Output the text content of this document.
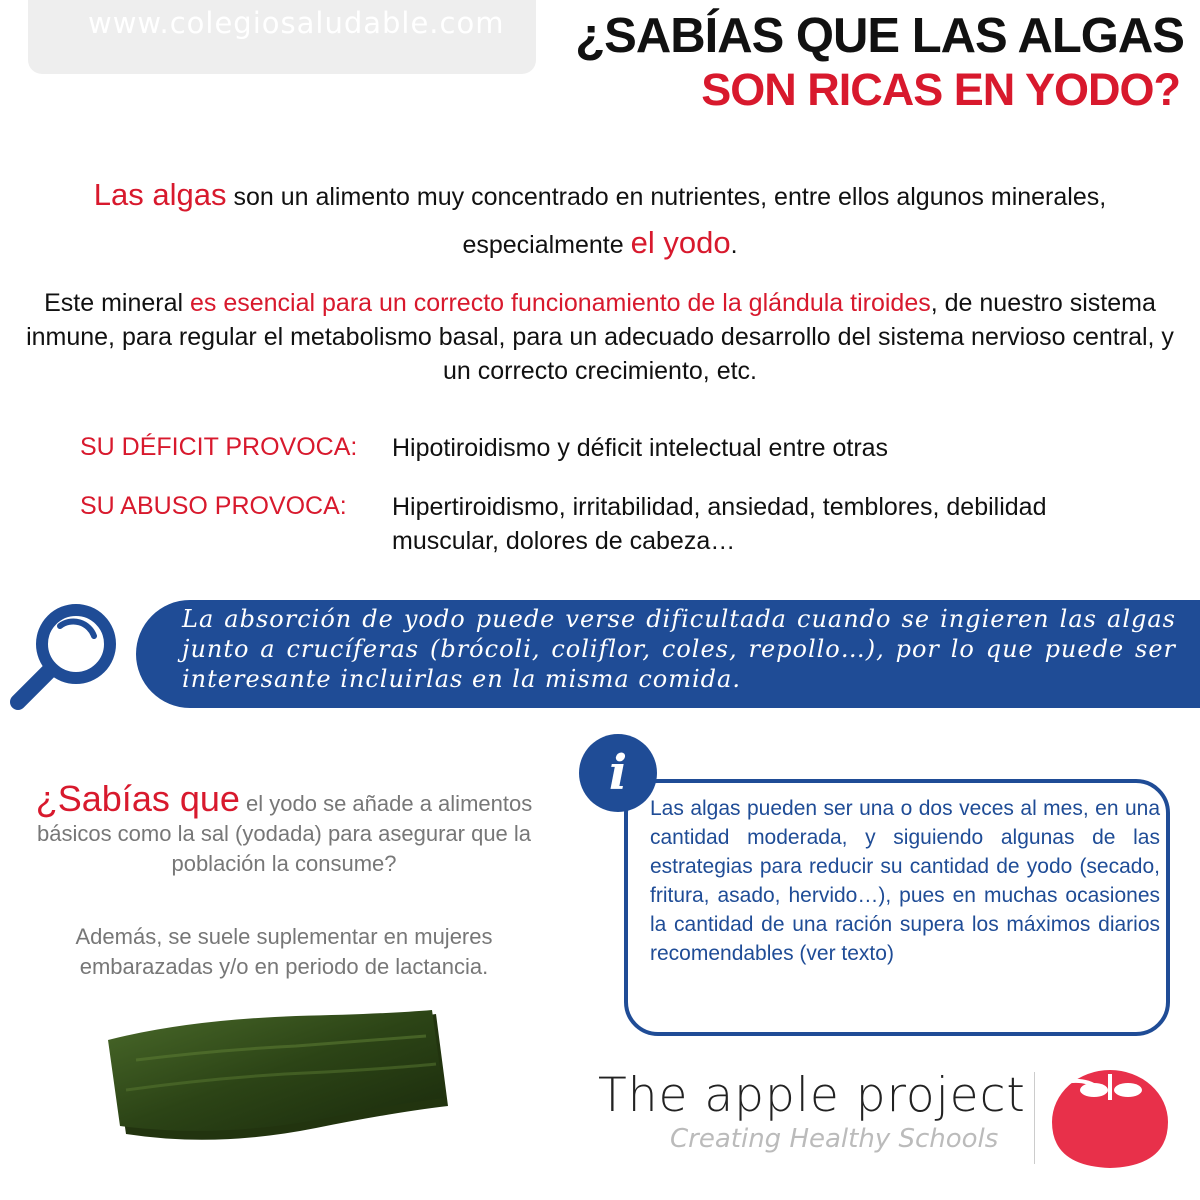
www.colegiosaludable.com ¿SABÍAS QUE LAS ALGAS
SON RICAS EN YODO?
Las algas son un alimento muy concentrado en nutrientes, entre ellos algunos minerales, especialmente el yodo.
Este mineral es esencial para un correcto funcionamiento de la glándula tiroides, de nuestro sistema inmune, para regular el metabolismo basal, para un adecuado desarrollo del sistema nervioso central, y un correcto crecimiento, etc.
SU DÉFICIT PROVOCA: Hipotiroidismo y déficit intelectual entre otras
SU ABUSO PROVOCA: Hipertiroidismo, irritabilidad, ansiedad, temblores, debilidad muscular, dolores de cabeza…
La absorción de yodo puede verse dificultada cuando se ingieren las algas junto a crucíferas (brócoli, coliflor, coles, repollo…), por lo que puede ser interesante incluirlas en la misma comida.
¿Sabías que el yodo se añade a alimentos básicos como la sal (yodada) para asegurar que la población la consume?
Además, se suele suplementar en mujeres embarazadas y/o en periodo de lactancia.
Las algas pueden ser una o dos veces al mes, en una cantidad moderada, y siguiendo algunas de las estrategias para reducir su cantidad de yodo (secado, fritura, asado, hervido…), pues en muchas ocasiones la cantidad de una ración supera los máximos diarios recomendables (ver texto)
i
The apple project
Creating Healthy Schools
